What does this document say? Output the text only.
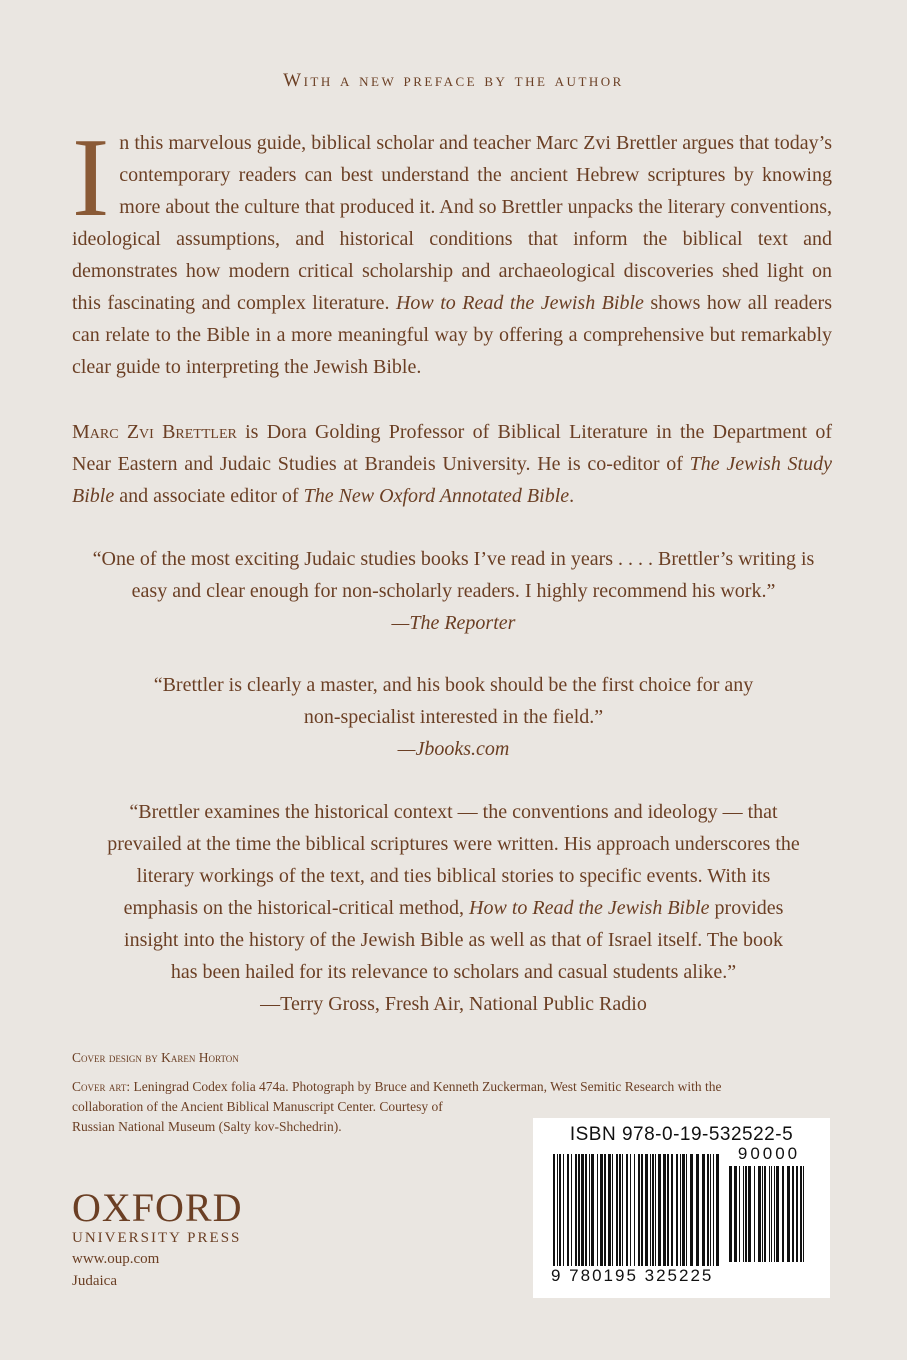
With a new preface by the author
In this marvelous guide, biblical scholar and teacher Marc Zvi Brettler argues that today’s contemporary readers can best understand the ancient Hebrew scriptures by knowing more about the culture that produced it. And so Brettler unpacks the literary conventions, ideological assumptions, and historical conditions that inform the biblical text and demonstrates how modern critical scholarship and archaeological discoveries shed light on this fascinating and complex literature. How to Read the Jewish Bible shows how all readers can relate to the Bible in a more meaningful way by offering a comprehensive but remarkably clear guide to interpreting the Jewish Bible.
Marc Zvi Brettler is Dora Golding Professor of Biblical Literature in the Department of Near Eastern and Judaic Studies at Brandeis University. He is co-editor of The Jewish Study Bible and associate editor of The New Oxford Annotated Bible.
“One of the most exciting Judaic studies books I’ve read in years . . . . Brettler’s writing is
easy and clear enough for non-scholarly readers. I highly recommend his work.”
—The Reporter
“Brettler is clearly a master, and his book should be the first choice for any
non-specialist interested in the field.”
—Jbooks.com
“Brettler examines the historical context — the conventions and ideology — that
prevailed at the time the biblical scriptures were written. His approach underscores the
literary workings of the text, and ties biblical stories to specific events. With its
emphasis on the historical-critical method, How to Read the Jewish Bible provides
insight into the history of the Jewish Bible as well as that of Israel itself. The book
has been hailed for its relevance to scholars and casual students alike.”
—Terry Gross, Fresh Air, National Public Radio
Cover design by Karen Horton
Cover art: Leningrad Codex folia 474a. Photograph by Bruce and Kenneth Zuckerman, West Semitic Research with the
collaboration of the Ancient Biblical Manuscript Center. Courtesy of
Russian National Museum (Salty kov-Shchedrin).
OXFORD
UNIVERSITY PRESS
www.oup.com
Judaica
ISBN 978-0-19-532522-5
90000
9 780195 325225
